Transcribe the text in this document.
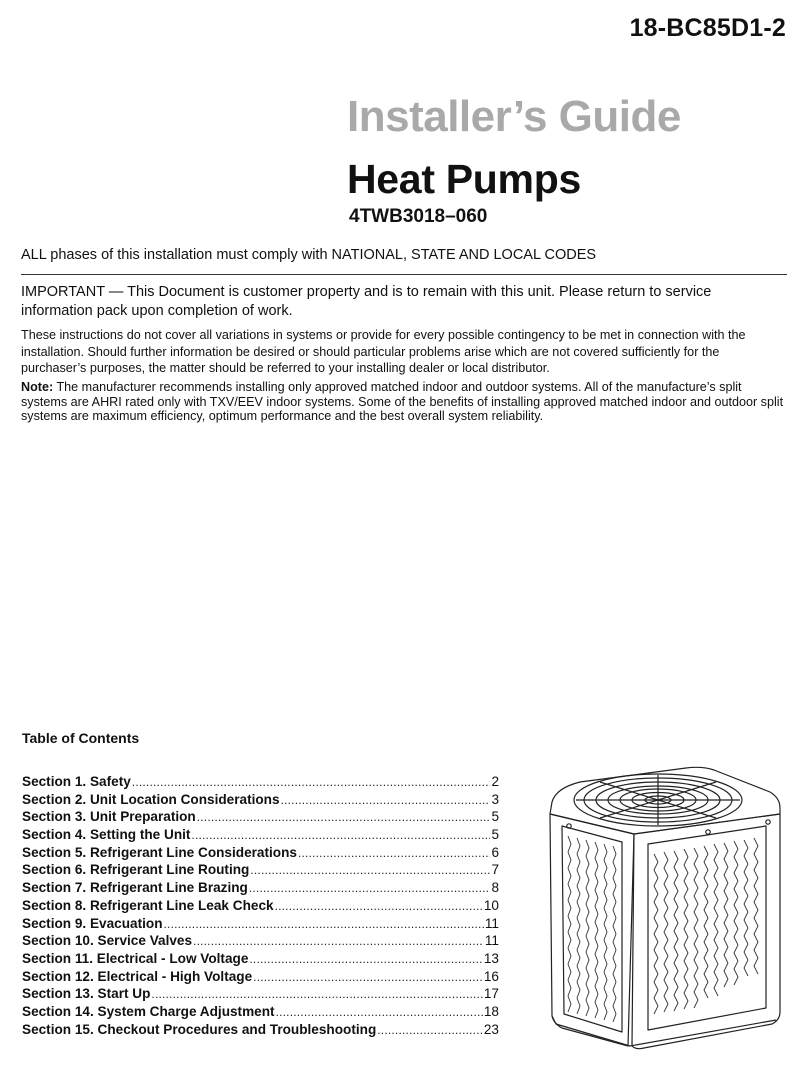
18-BC85D1-2
Installer’s Guide
Heat Pumps
4TWB3018–060
ALL phases of this installation must comply with NATIONAL, STATE AND LOCAL CODES
IMPORTANT — This Document is customer property and is to remain with this unit. Please return to service information pack upon completion of work.
These instructions do not cover all variations in systems or provide for every possible contingency to be met in connection with the installation. Should further information be desired or should particular problems arise which are not covered sufficiently for the purchaser’s purposes, the matter should be referred to your installing dealer or local distributor.
Note: The manufacturer recommends installing only approved matched indoor and outdoor systems. All of the manufacture’s split systems are AHRI rated only with TXV/EEV indoor systems. Some of the benefits of installing approved matched indoor and outdoor split systems are maximum efficiency, optimum performance and the best overall system reliability.
Table of Contents
Section 1. Safety .....	2
Section 2. Unit Location Considerations .....	3
Section 3. Unit Preparation .....	5
Section 4. Setting the Unit .....	5
Section 5. Refrigerant Line Considerations .....	6
Section 6. Refrigerant Line Routing .....	7
Section 7. Refrigerant Line Brazing .....	8
Section 8. Refrigerant Line Leak Check .....	10
Section 9. Evacuation .....	11
Section 10. Service Valves .....	11
Section 11. Electrical - Low Voltage .....	13
Section 12. Electrical - High Voltage .....	16
Section 13. Start Up .....	17
Section 14. System Charge Adjustment .....	18
Section 15. Checkout Procedures and Troubleshooting .....	23
